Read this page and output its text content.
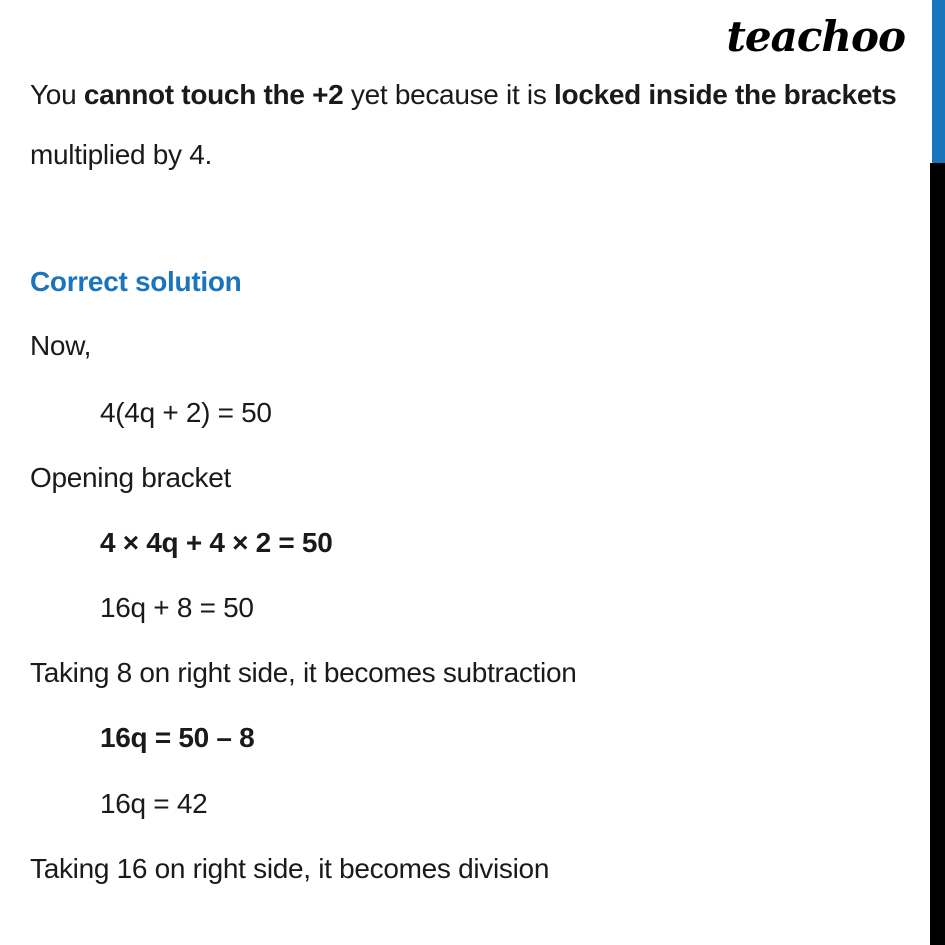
teachoo
You cannot touch the +2 yet because it is locked inside the brackets
multiplied by 4.
Correct solution
Now,
4(4q + 2) = 50
Opening bracket
4 × 4q + 4 × 2 = 50
16q + 8 = 50
Taking 8 on right side, it becomes subtraction
16q = 50 – 8
16q = 42
Taking 16 on right side, it becomes division
